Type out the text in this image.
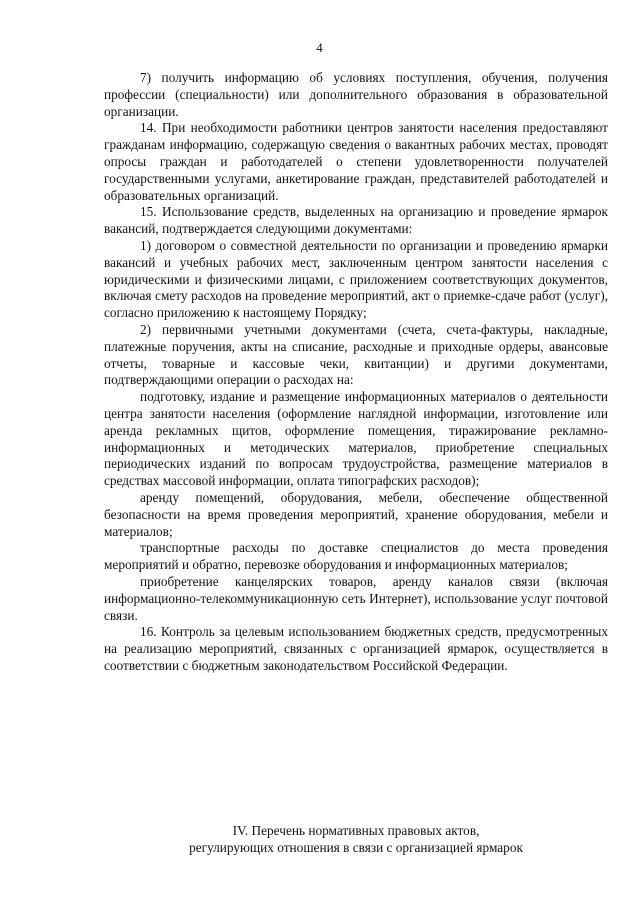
4

7) получить информацию об условиях поступления, обучения, получения профессии (специальности) или дополнительного образования в образовательной организации.

14. При необходимости работники центров занятости населения предоставляют гражданам информацию, содержащую сведения о вакантных рабочих местах, проводят опросы граждан и работодателей о степени удовлетворенности получателей государственными услугами, анкетирование граждан, представителей работодателей и образовательных организаций.

15. Использование средств, выделенных на организацию и проведение ярмарок вакансий, подтверждается следующими документами:

1) договором о совместной деятельности по организации и проведению ярмарки вакансий и учебных рабочих мест, заключенным центром занятости населения с юридическими и физическими лицами, с приложением соответствующих документов, включая смету расходов на проведение мероприятий, акт о приемке-сдаче работ (услуг), согласно приложению к настоящему Порядку;

2) первичными учетными документами (счета, счета-фактуры, накладные, платежные поручения, акты на списание, расходные и приходные ордеры, авансовые отчеты, товарные и кассовые чеки, квитанции) и другими документами, подтверждающими операции о расходах на:

подготовку, издание и размещение информационных материалов о деятельности центра занятости населения (оформление наглядной информации, изготовление или аренда рекламных щитов, оформление помещения, тиражирование рекламно-информационных и методических материалов, приобретение специальных периодических изданий по вопросам трудоустройства, размещение материалов в средствах массовой информации, оплата типографских расходов);

аренду помещений, оборудования, мебели, обеспечение общественной безопасности на время проведения мероприятий, хранение оборудования, мебели и материалов;

транспортные расходы по доставке специалистов до места проведения мероприятий и обратно, перевозке оборудования и информационных материалов;

приобретение канцелярских товаров, аренду каналов связи (включая информационно-телекоммуникационную сеть Интернет), использование услуг почтовой связи.

16. Контроль за целевым использованием бюджетных средств, предусмотренных на реализацию мероприятий, связанных с организацией ярмарок, осуществляется в соответствии с бюджетным законодательством Российской Федерации.

IV. Перечень нормативных правовых актов,
регулирующих отношения в связи с организацией ярмарок
